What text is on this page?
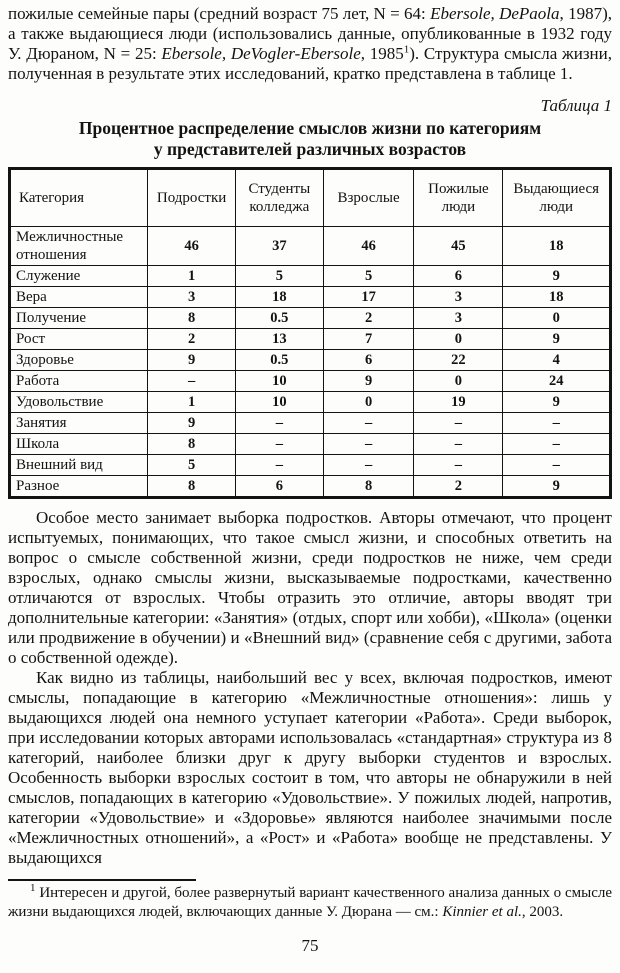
пожилые семейные пары (средний возраст 75 лет, N = 64: Ebersole, DePaola, 1987), а также выдающиеся люди (использовались данные, опубликованные в 1932 году У. Дюраном, N = 25: Ebersole, DeVogler-Ebersole, 1985$^1$). Структура смысла жизни, полученная в результате этих исследований, кратко представлена в таблице 1.

Таблица 1
Процентное распределение смыслов жизни по категориям
у представителей различных возрастов
Категория	Подростки	Студенты колледжа	Взрослые	Пожилые люди	Выдающиеся люди
Межличностные отношения	46	37	46	45	18
Служение	1	5	5	6	9
Вера	3	18	17	3	18
Получение	8	0.5	2	3	0
Рост	2	13	7	0	9
Здоровье	9	0.5	6	22	4
Работа	–	10	9	0	24
Удовольствие	1	10	0	19	9
Занятия	9	–	–	–	–
Школа	8	–	–	–	–
Внешний вид	5	–	–	–	–
Разное	8	6	8	2	9

Особое место занимает выборка подростков. Авторы отмечают, что процент испытуемых, понимающих, что такое смысл жизни, и способных ответить на вопрос о смысле собственной жизни, среди подростков не ниже, чем среди взрослых, однако смыслы жизни, высказываемые подростками, качественно отличаются от взрослых. Чтобы отразить это отличие, авторы вводят три дополнительные категории: «Занятия» (отдых, спорт или хобби), «Школа» (оценки или продвижение в обучении) и «Внешний вид» (сравнение себя с другими, забота о собственной одежде).

Как видно из таблицы, наибольший вес у всех, включая подростков, имеют смыслы, попадающие в категорию «Межличностные отношения»: лишь у выдающихся людей она немного уступает категории «Работа». Среди выборок, при исследовании которых авторами использовалась «стандартная» структура из 8 категорий, наиболее близки друг к другу выборки студентов и взрослых. Особенность выборки взрослых состоит в том, что авторы не обнаружили в ней смыслов, попадающих в категорию «Удовольствие». У пожилых людей, напротив, категории «Удовольствие» и «Здоровье» являются наиболее значимыми после «Межличностных отношений», а «Рост» и «Работа» вообще не представлены. У выдающихся

$^1$ Интересен и другой, более развернутый вариант качественного анализа данных о смысле жизни выдающихся людей, включающих данные У. Дюрана — см.: Kinnier et al., 2003.
75
